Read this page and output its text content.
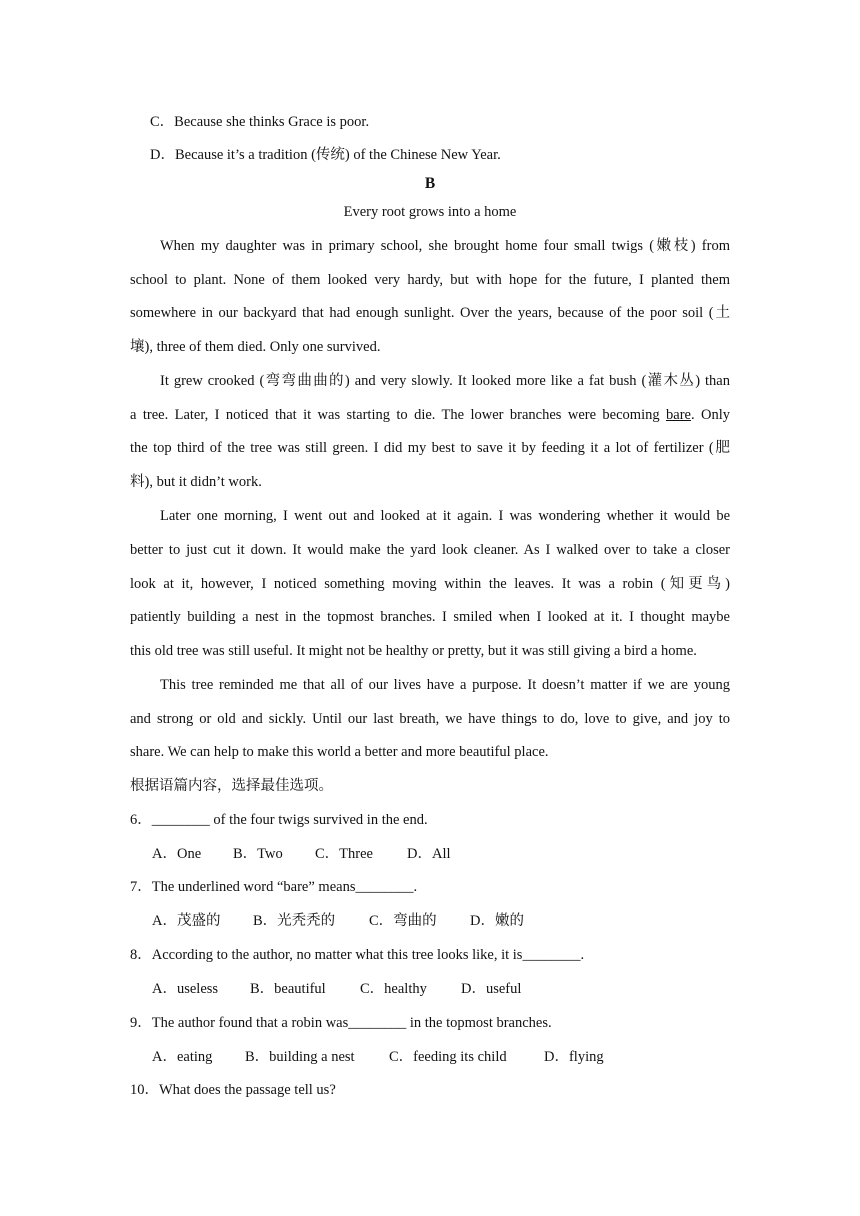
C．Because she thinks Grace is poor.
D．Because it’s a tradition (传统) of the Chinese New Year.
B
Every root grows into a home
When my daughter was in primary school, she brought home four small twigs (嫩枝) from
school to plant. None of them looked very hardy, but with hope for the future, I planted them
somewhere in our backyard that had enough sunlight. Over the years, because of the poor soil (土
壤), three of them died. Only one survived.
It grew crooked (弯弯曲曲的) and very slowly. It looked more like a fat bush (灌木丛) than
a tree. Later, I noticed that it was starting to die. The lower branches were becoming bare. Only
the top third of the tree was still green. I did my best to save it by feeding it a lot of fertilizer (肥
料), but it didn’t work.
Later one morning, I went out and looked at it again. I was wondering whether it would be
better to just cut it down. It would make the yard look cleaner. As I walked over to take a closer
look at it, however, I noticed something moving within the leaves. It was a robin (知更鸟)
patiently building a nest in the topmost branches. I smiled when I looked at it. I thought maybe
this old tree was still useful. It might not be healthy or pretty, but it was still giving a bird a home.
This tree reminded me that all of our lives have a purpose. It doesn’t matter if we are young
and strong or old and sickly. Until our last breath, we have things to do, love to give, and joy to
share. We can help to make this world a better and more beautiful place.
根据语篇内容，选择最佳选项。
6．________ of the four twigs survived in the end.
A．One B．Two C．Three D．All
7．The underlined word “bare” means________.
A．茂盛的 B．光秃秃的 C．弯曲的 D．嫩的
8．According to the author, no matter what this tree looks like, it is________.
A．useless B．beautiful C．healthy D．useful
9．The author found that a robin was________ in the topmost branches.
A．eating B．building a nest C．feeding its child	D．flying
10．What does the passage tell us?
